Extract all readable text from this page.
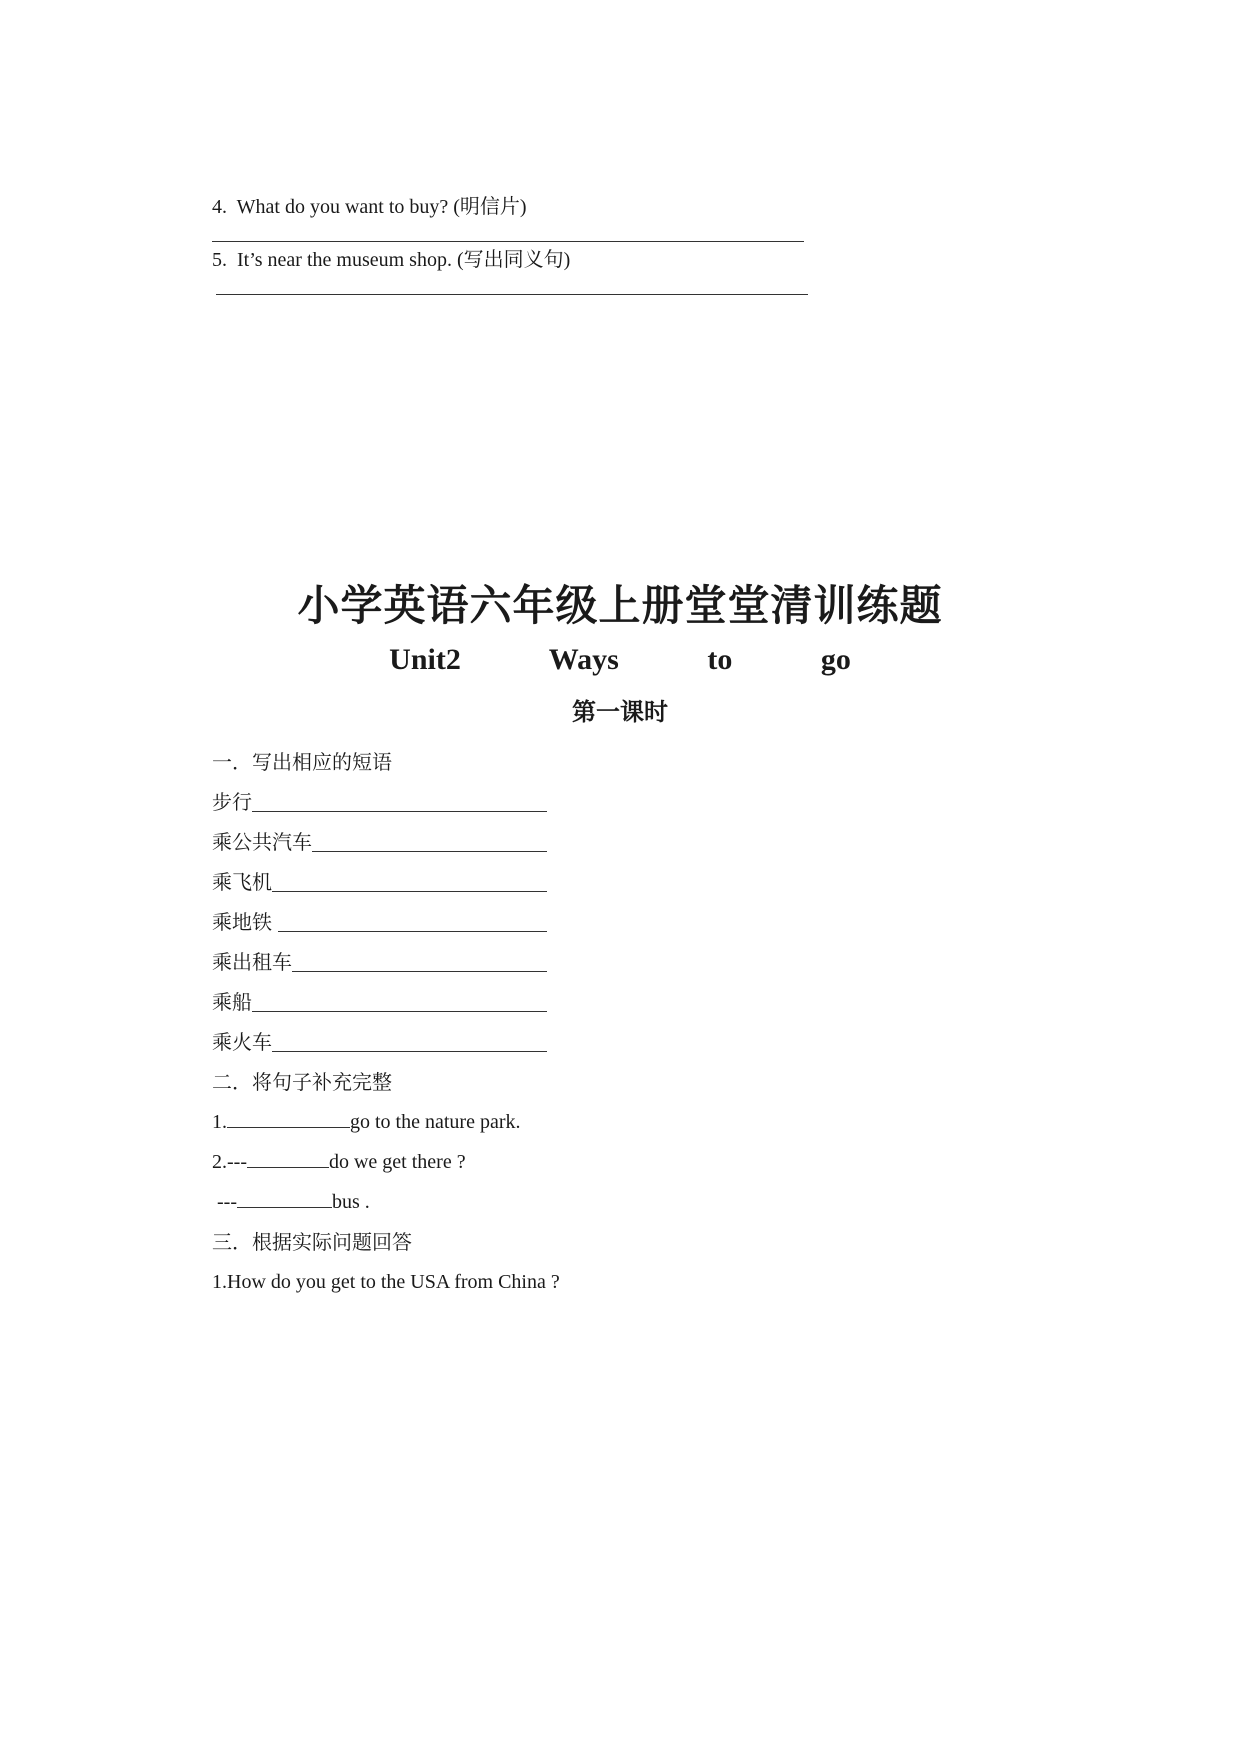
4.  What do you want to buy? (明信片)
5.  It’s near the museum shop. (写出同义句)
小学英语六年级上册堂堂清训练题
Unit2   Ways   to   go
第一课时
一．写出相应的短语
步行
乘公共汽车
乘飞机
乘地铁
乘出租车
乘船
乘火车
二．将句子补充完整
1.	go to the nature park.
2.---	do we get there ?
---	bus .
三．根据实际问题回答
1.How do you get to the USA from China ?
